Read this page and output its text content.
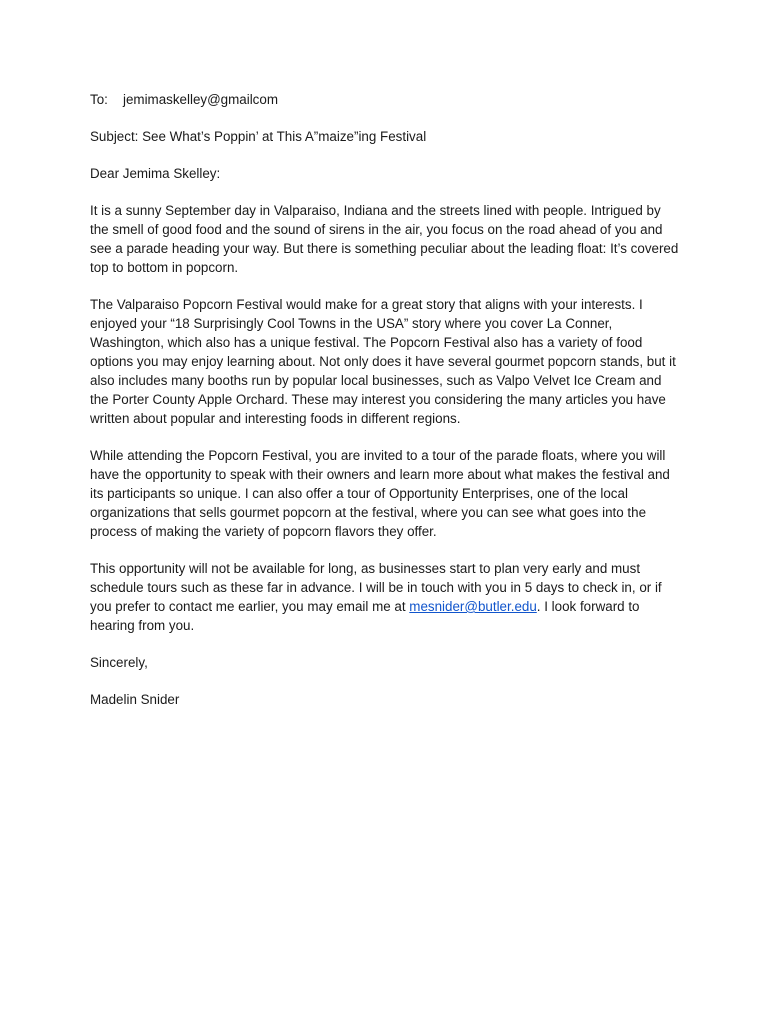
To: jemimaskelley@gmailcom
Subject: See What’s Poppin’ at This A”maize”ing Festival
Dear Jemima Skelley:

It is a sunny September day in Valparaiso, Indiana and the streets lined with people. Intrigued by the smell of good food and the sound of sirens in the air, you focus on the road ahead of you and see a parade heading your way. But there is something peculiar about the leading float: It’s covered top to bottom in popcorn.

The Valparaiso Popcorn Festival would make for a great story that aligns with your interests. I enjoyed your “18 Surprisingly Cool Towns in the USA” story where you cover La Conner, Washington, which also has a unique festival. The Popcorn Festival also has a variety of food options you may enjoy learning about. Not only does it have several gourmet popcorn stands, but it also includes many booths run by popular local businesses, such as Valpo Velvet Ice Cream and the Porter County Apple Orchard. These may interest you considering the many articles you have written about popular and interesting foods in different regions.

While attending the Popcorn Festival, you are invited to a tour of the parade floats, where you will have the opportunity to speak with their owners and learn more about what makes the festival and its participants so unique. I can also offer a tour of Opportunity Enterprises, one of the local organizations that sells gourmet popcorn at the festival, where you can see what goes into the process of making the variety of popcorn flavors they offer.

This opportunity will not be available for long, as businesses start to plan very early and must schedule tours such as these far in advance. I will be in touch with you in 5 days to check in, or if you prefer to contact me earlier, you may email me at mesnider@butler.edu. I look forward to hearing from you.

Sincerely,
Madelin Snider
